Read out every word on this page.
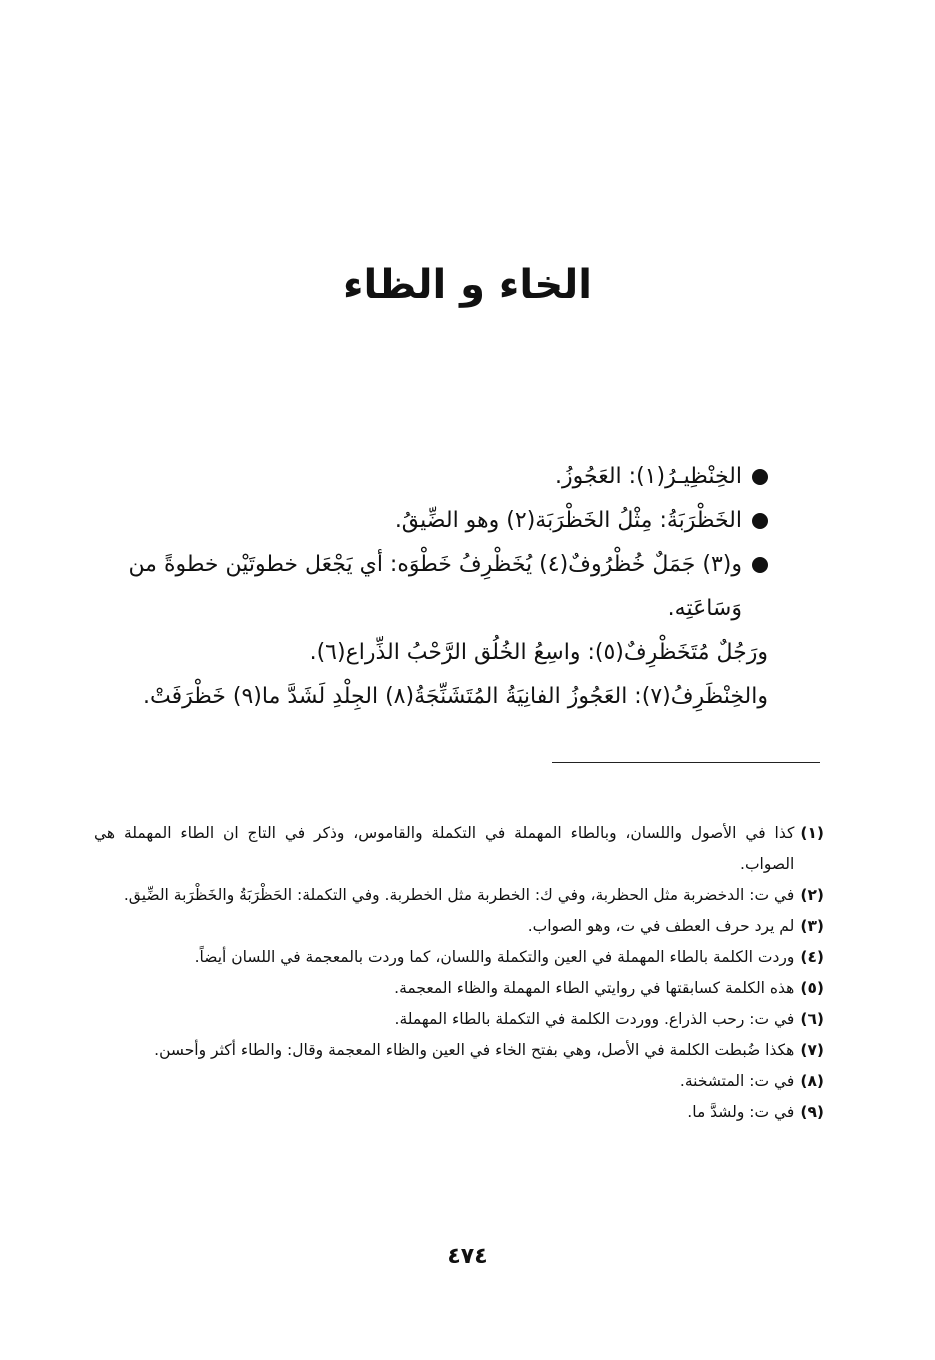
الخاء و الظاء
الخِنْظِيـرُ(١): العَجُوزُ.
الخَظْرَبَةُ: مِثْلُ الخَظْرَبَة(٢) وهو الضِّيقُ.
و(٣) جَمَلٌ خُظْرُوفٌ(٤) يُخَظْرِفُ خَطْوَه: أي يَجْعَل خطوتَيْن خطوةً من وَسَاعَتِه.
ورَجُلٌ مُتَخَظْرِفٌ(٥): واسِعُ الخُلُق الرَّحْبُ الذِّراع(٦).
والخِنْظَرِفُ(٧): العَجُوزُ الفانِيَةُ المُتَشَنِّجَةُ(٨) الجِلْدِ لَشَدَّ ما(٩) خَظْرَفَتْ.
(١)
كذا في الأصول واللسان، وبالطاء المهملة في التكملة والقاموس، وذكر في التاج ان الطاء المهملة هي الصواب.
(٢)
في ت: الدخضربة مثل الحظربة، وفي ك: الخطربة مثل الخطربة. وفي التكملة: الحَظْرَبَةُ والخَظْرَبة الضِّيق.
(٣)
لم يرد حرف العطف في ت، وهو الصواب.
(٤)
وردت الكلمة بالطاء المهملة في العين والتكملة واللسان، كما وردت بالمعجمة في اللسان أيضاً.
(٥)
هذه الكلمة كسابقتها في روايتي الطاء المهملة والظاء المعجمة.
(٦)
في ت: رحب الذراع. ووردت الكلمة في التكملة بالطاء المهملة.
(٧)
هكذا ضُبطت الكلمة في الأصل، وهي بفتح الخاء في العين والظاء المعجمة وقال: والطاء أكثر وأحسن.
(٨)
في ت: المتشخنة.
(٩)
في ت: ولشدَّ ما.
٤٧٤
